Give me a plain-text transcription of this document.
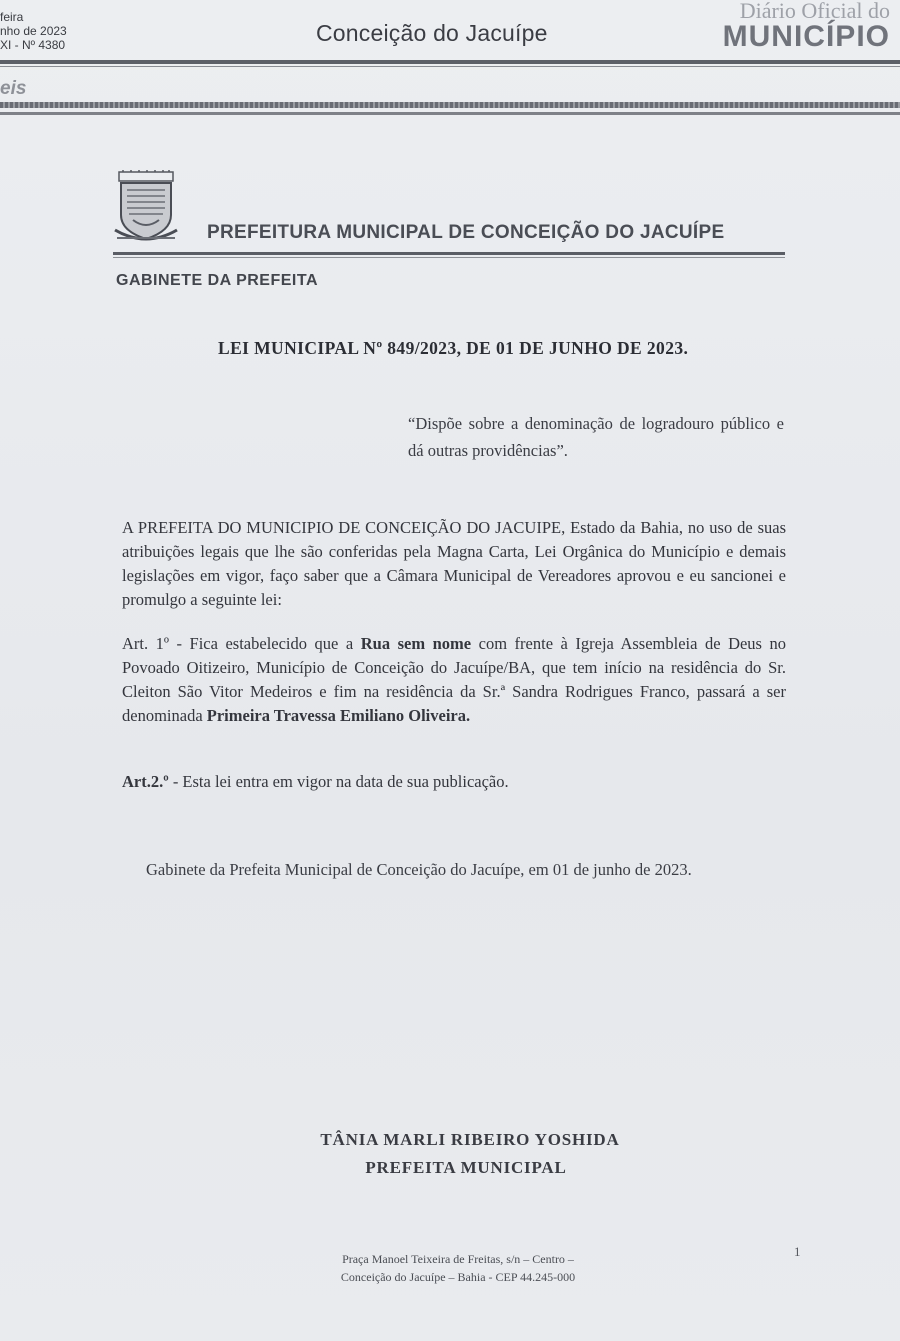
feira
nho de 2023
XI - Nº 4380	Conceição do Jacuípe
Diário Oficial do
MUNICÍPIO
eis
PREFEITURA MUNICIPAL DE CONCEIÇÃO DO JACUÍPE
GABINETE DA PREFEITA
LEI MUNICIPAL Nº 849/2023, DE 01 DE JUNHO DE 2023.
“Dispõe sobre a denominação de logradouro público e dá outras providências”.
A PREFEITA DO MUNICIPIO DE CONCEIÇÃO DO JACUIPE, Estado da Bahia, no uso de suas atribuições legais que lhe são conferidas pela Magna Carta, Lei Orgânica do Município e demais legislações em vigor, faço saber que a Câmara Municipal de Vereadores aprovou e eu sancionei e promulgo a seguinte lei:
Art. 1º - Fica estabelecido que a Rua sem nome com frente à Igreja Assembleia de Deus no Povoado Oitizeiro, Município de Conceição do Jacuípe/BA, que tem início na residência do Sr. Cleiton São Vitor Medeiros e fim na residência da Sr.ª Sandra Rodrigues Franco, passará a ser denominada Primeira Travessa Emiliano Oliveira.
Art.2.º - Esta lei entra em vigor na data de sua publicação.
Gabinete da Prefeita Municipal de Conceição do Jacuípe, em 01 de junho de 2023.
TÂNIA MARLI RIBEIRO YOSHIDA
PREFEITA MUNICIPAL
Praça Manoel Teixeira de Freitas, s/n – Centro –
Conceição do Jacuípe – Bahia - CEP 44.245-000
1
